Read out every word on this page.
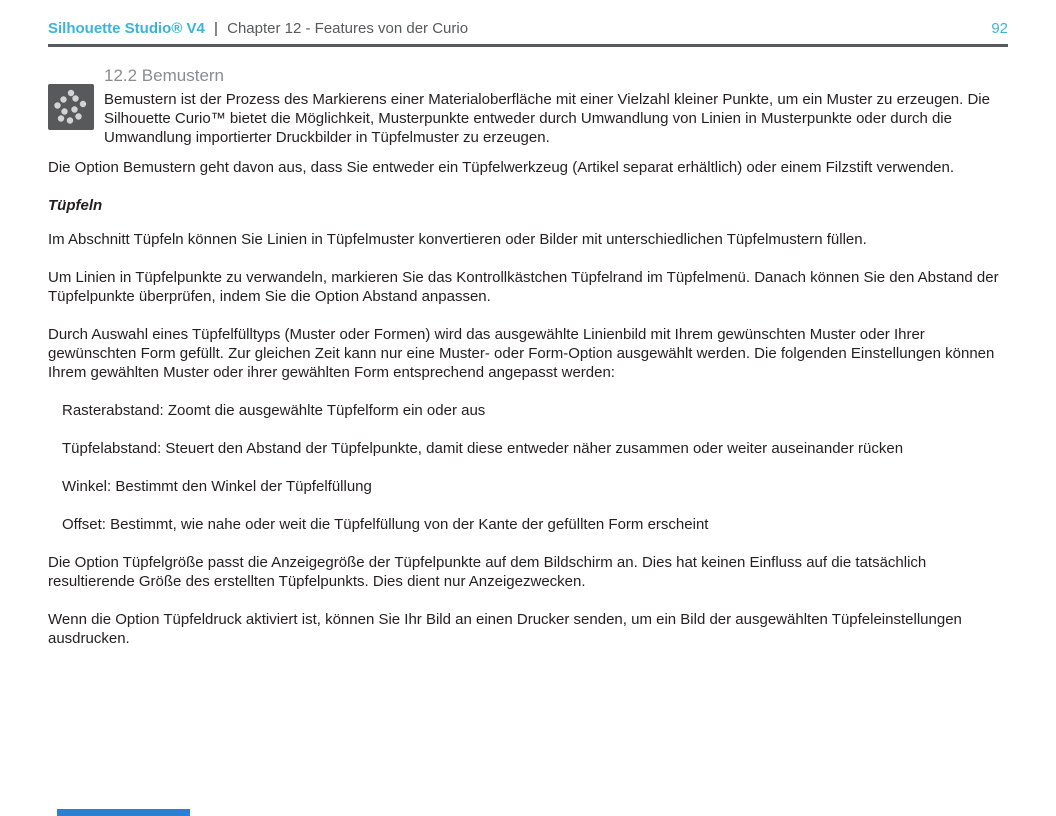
Silhouette Studio® V4 | Chapter 12 - Features von der Curio	92
12.2 Bemustern

Bemustern ist der Prozess des Markierens einer Materialoberfläche mit einer Vielzahl kleiner Punkte, um ein Muster zu erzeugen. Die Silhouette Curio™ bietet die Möglichkeit, Musterpunkte entweder durch Umwandlung von Linien in Musterpunkte oder durch die Umwandlung importierter Druckbilder in Tüpfelmuster zu erzeugen.

Die Option Bemustern geht davon aus, dass Sie entweder ein Tüpfelwerkzeug (Artikel separat erhältlich) oder einem Filzstift verwenden.

Tüpfeln

Im Abschnitt Tüpfeln können Sie Linien in Tüpfelmuster konvertieren oder Bilder mit unterschiedlichen Tüpfelmustern füllen.

Um Linien in Tüpfelpunkte zu verwandeln, markieren Sie das Kontrollkästchen Tüpfelrand im Tüpfelmenü. Danach können Sie den Abstand der Tüpfelpunkte überprüfen, indem Sie die Option Abstand anpassen.

Durch Auswahl eines Tüpfelfülltyps (Muster oder Formen) wird das ausgewählte Linienbild mit Ihrem gewünschten Muster oder Ihrer gewünschten Form gefüllt. Zur gleichen Zeit kann nur eine Muster- oder Form-Option ausgewählt werden. Die folgenden Einstellungen können Ihrem gewählten Muster oder ihrer gewählten Form entsprechend angepasst werden:

Rasterabstand: Zoomt die ausgewählte Tüpfelform ein oder aus

Tüpfelabstand: Steuert den Abstand der Tüpfelpunkte, damit diese entweder näher zusammen oder weiter auseinander rücken

Winkel: Bestimmt den Winkel der Tüpfelfüllung

Offset: Bestimmt, wie nahe oder weit die Tüpfelfüllung von der Kante der gefüllten Form erscheint

Die Option Tüpfelgröße passt die Anzeigegröße der Tüpfelpunkte auf dem Bildschirm an. Dies hat keinen Einfluss auf die tatsächlich resultierende Größe des erstellten Tüpfelpunkts. Dies dient nur Anzeigezwecken.

Wenn die Option Tüpfeldruck aktiviert ist, können Sie Ihr Bild an einen Drucker senden, um ein Bild der ausgewählten Tüpfeleinstellungen ausdrucken.
